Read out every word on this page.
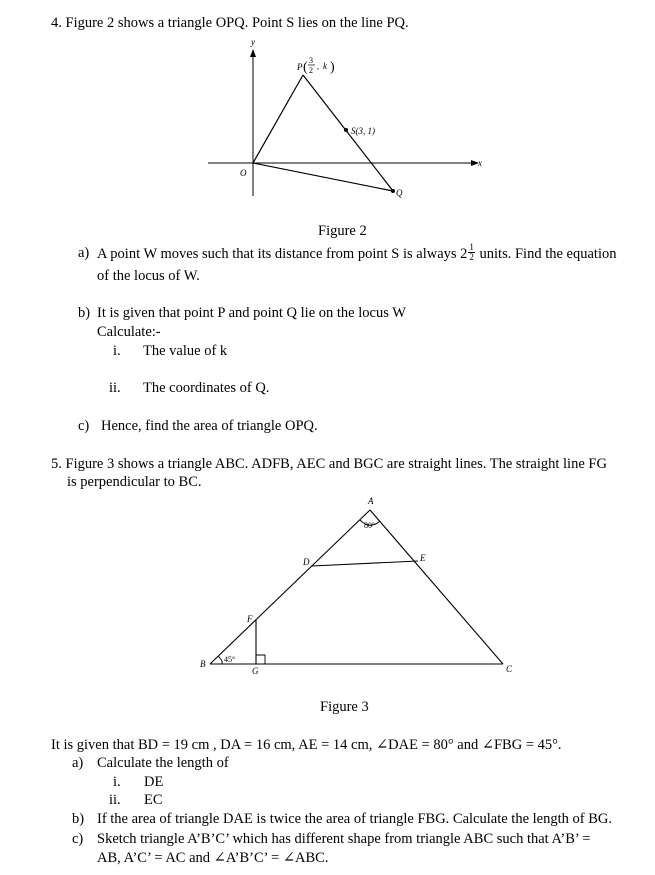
4. Figure 2 shows a triangle OPQ. Point S lies on the line PQ.
y
x
O
S(3, 1)
Q
P ( 3
2 , k )
Figure 2
a) A point W moves such that its distance from point S is always $2 \frac{1}{2}$ units. Find the equation
of the locus of W.
b) It is given that point P and point Q lie on the locus W
Calculate:-
i. The value of k
ii. The coordinates of Q.
c) Hence, find the area of triangle OPQ.
5. Figure 3 shows a triangle ABC. ADFB, AEC and BGC are straight lines. The straight line FG
is perpendicular to BC.
A
B	C
D	E
F
G
80°
45°
Figure 3
It is given that BD = 19 cm , DA = 16 cm, AE = 14 cm, ∠DAE = 80° and ∠FBG = 45°.
a) Calculate the length of
i. DE
ii. EC
b) If the area of triangle DAE is twice the area of triangle FBG. Calculate the length of BG.
c) Sketch triangle A’B’C’ which has different shape from triangle ABC such that A’B’ =
AB, A’C’ = AC and ∠A’B’C’ = ∠ABC.
